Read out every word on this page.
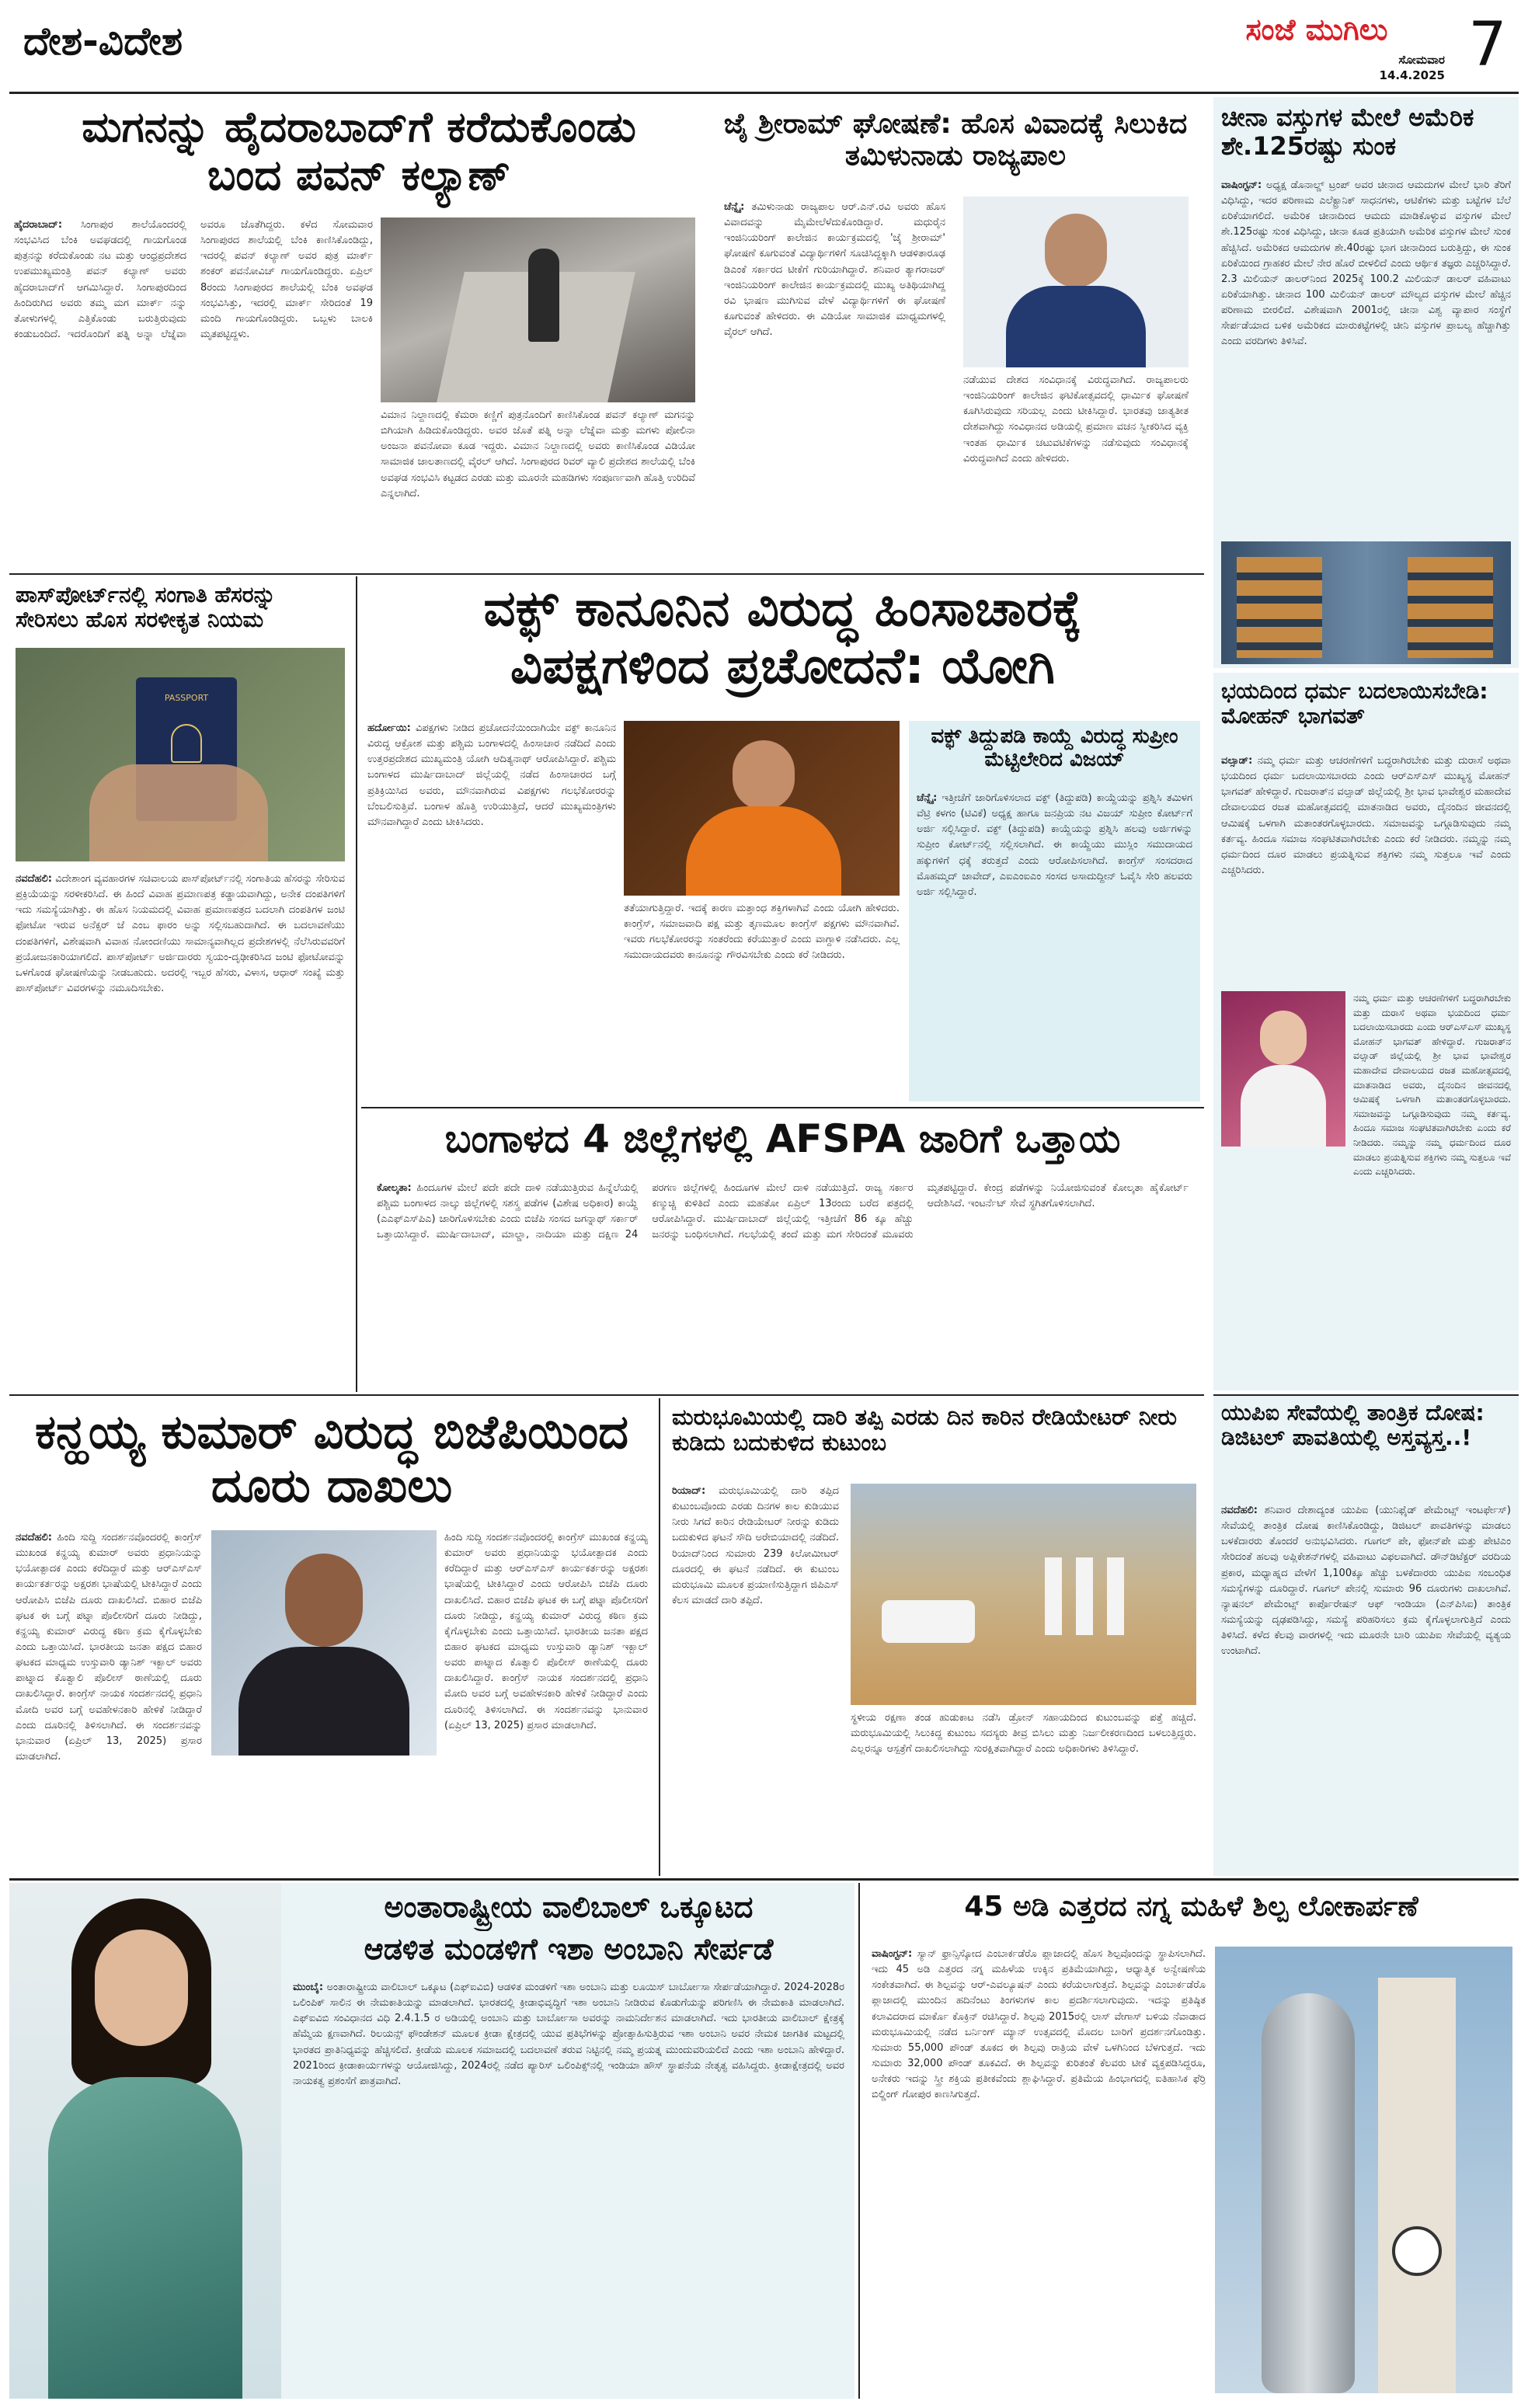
ದೇಶ-ವಿದೇಶ	ಸಂಜೆ ಮುಗಿಲು
ಸೋಮವಾರ
14.4.2025 7
ಮಗನನ್ನು ಹೈದರಾಬಾದ್‌ಗೆ ಕರೆದುಕೊಂಡು ಬಂದ ಪವನ್ ಕಲ್ಯಾಣ್
ಹೈದರಾಬಾದ್: ಸಿಂಗಾಪುರ ಶಾಲೆಯೊಂದರಲ್ಲಿ ಸಂಭವಿಸಿದ ಬೆಂಕಿ ಅವಘಡದಲ್ಲಿ ಗಾಯಗೊಂಡ ಪುತ್ರನನ್ನು ಕರೆದುಕೊಂಡು ನಟ ಮತ್ತು ಆಂಧ್ರಪ್ರದೇಶದ ಉಪಮುಖ್ಯಮಂತ್ರಿ ಪವನ್ ಕಲ್ಯಾಣ್ ಅವರು ಹೈದರಾಬಾದ್‌ಗೆ ಆಗಮಿಸಿದ್ದಾರೆ. ಸಿಂಗಾಪುರದಿಂದ ಹಿಂದಿರುಗಿದ ಅವರು ತಮ್ಮ ಮಗ ಮಾರ್ಕ್ ನನ್ನು ತೋಳುಗಳಲ್ಲಿ ಎತ್ತಿಕೊಂಡು ಬರುತ್ತಿರುವುದು ಕಂಡುಬಂದಿದೆ. ಇದರೊಂದಿಗೆ ಪತ್ನಿ ಅನ್ನಾ ಲೆಜ್ನೆವಾ ಅವರೂ ಜೊತೆಗಿದ್ದರು. ಕಳೆದ ಸೋಮವಾರ ಸಿಂಗಾಪುರದ ಶಾಲೆಯಲ್ಲಿ ಬೆಂಕಿ ಕಾಣಿಸಿಕೊಂಡಿದ್ದು, ಇದರಲ್ಲಿ ಪವನ್ ಕಲ್ಯಾಣ್ ಅವರ ಪುತ್ರ ಮಾರ್ಕ್ ಶಂಕರ್ ಪವನೋವಿಚ್ ಗಾಯಗೊಂಡಿದ್ದರು. ಏಪ್ರಿಲ್ 8ರಂದು ಸಿಂಗಾಪುರದ ಶಾಲೆಯಲ್ಲಿ ಬೆಂಕಿ ಅವಘಡ ಸಂಭವಿಸಿತ್ತು, ಇದರಲ್ಲಿ ಮಾರ್ಕ್ ಸೇರಿದಂತೆ 19 ಮಂದಿ ಗಾಯಗೊಂಡಿದ್ದರು. ಒಬ್ಬಳು ಬಾಲಕಿ ಮೃತಪಟ್ಟಿದ್ದಳು.
ವಿಮಾನ ನಿಲ್ದಾಣದಲ್ಲಿ ಕೆಮರಾ ಕಣ್ಣಿಗೆ ಪುತ್ರನೊಂದಿಗೆ ಕಾಣಿಸಿಕೊಂಡ ಪವನ್ ಕಲ್ಯಾಣ್ ಮಗನನ್ನು ಬಿಗಿಯಾಗಿ ಹಿಡಿದುಕೊಂಡಿದ್ದರು. ಅವರ ಜೊತೆ ಪತ್ನಿ ಅನ್ನಾ ಲೆಜ್ನೆವಾ ಮತ್ತು ಮಗಳು ಪೋಲಿನಾ ಅಂಜನಾ ಪವನೋವಾ ಕೂಡ ಇದ್ದರು. ವಿಮಾನ ನಿಲ್ದಾಣದಲ್ಲಿ ಅವರು ಕಾಣಿಸಿಕೊಂಡ ವಿಡಿಯೋ ಸಾಮಾಜಿಕ ಜಾಲತಾಣದಲ್ಲಿ ವೈರಲ್ ಆಗಿದೆ. ಸಿಂಗಾಪುರದ ರಿವರ್ ವ್ಯಾಲಿ ಪ್ರದೇಶದ ಶಾಲೆಯಲ್ಲಿ ಬೆಂಕಿ ಅವಘಡ ಸಂಭವಿಸಿ ಕಟ್ಟಡದ ಎರಡು ಮತ್ತು ಮೂರನೇ ಮಹಡಿಗಳು ಸಂಪೂರ್ಣವಾಗಿ ಹೊತ್ತಿ ಉರಿದಿವೆ ಎನ್ನಲಾಗಿದೆ.
ಜೈ ಶ್ರೀರಾಮ್ ಘೋಷಣೆ: ಹೊಸ ವಿವಾದಕ್ಕೆ ಸಿಲುಕಿದ ತಮಿಳುನಾಡು ರಾಜ್ಯಪಾಲ
ಚೆನ್ನೈ: ತಮಿಳುನಾಡು ರಾಜ್ಯಪಾಲ ಆರ್.ಎನ್.ರವಿ ಅವರು ಹೊಸ ವಿವಾದವನ್ನು ಮೈಮೇಲೆಳೆದುಕೊಂಡಿದ್ದಾರೆ. ಮಧುರೈನ ಇಂಜಿನಿಯರಿಂಗ್ ಕಾಲೇಜಿನ ಕಾರ್ಯಕ್ರಮದಲ್ಲಿ 'ಜೈ ಶ್ರೀರಾಮ್' ಘೋಷಣೆ ಕೂಗುವಂತೆ ವಿದ್ಯಾರ್ಥಿಗಳಿಗೆ ಸೂಚಿಸಿದ್ದಕ್ಕಾಗಿ ಆಡಳಿತಾರೂಢ ಡಿಎಂಕೆ ಸರ್ಕಾರದ ಟೀಕೆಗೆ ಗುರಿಯಾಗಿದ್ದಾರೆ. ಶನಿವಾರ ತ್ಯಾಗರಾಜರ್ ಇಂಜಿನಿಯರಿಂಗ್ ಕಾಲೇಜಿನ ಕಾರ್ಯಕ್ರಮದಲ್ಲಿ ಮುಖ್ಯ ಅತಿಥಿಯಾಗಿದ್ದ ರವಿ ಭಾಷಣ ಮುಗಿಸುವ ವೇಳೆ ವಿದ್ಯಾರ್ಥಿಗಳಿಗೆ ಈ ಘೋಷಣೆ ಕೂಗುವಂತೆ ಹೇಳಿದರು. ಈ ವಿಡಿಯೋ ಸಾಮಾಜಿಕ ಮಾಧ್ಯಮಗಳಲ್ಲಿ ವೈರಲ್ ಆಗಿದೆ.
ನಡೆಯುವ ದೇಶದ ಸಂವಿಧಾನಕ್ಕೆ ವಿರುದ್ಧವಾಗಿದೆ. ರಾಜ್ಯಪಾಲರು ಇಂಜಿನಿಯರಿಂಗ್ ಕಾಲೇಜಿನ ಘಟಿಕೋತ್ಸವದಲ್ಲಿ ಧಾರ್ಮಿಕ ಘೋಷಣೆ ಕೂಗಿಸಿರುವುದು ಸರಿಯಲ್ಲ ಎಂದು ಟೀಕಿಸಿದ್ದಾರೆ. ಭಾರತವು ಜಾತ್ಯತೀತ ದೇಶವಾಗಿದ್ದು ಸಂವಿಧಾನದ ಅಡಿಯಲ್ಲಿ ಪ್ರಮಾಣ ವಚನ ಸ್ವೀಕರಿಸಿದ ವ್ಯಕ್ತಿ ಇಂತಹ ಧಾರ್ಮಿಕ ಚಟುವಟಿಕೆಗಳನ್ನು ನಡೆಸುವುದು ಸಂವಿಧಾನಕ್ಕೆ ವಿರುದ್ಧವಾಗಿದೆ ಎಂದು ಹೇಳಿದರು.
ಚೀನಾ ವಸ್ತುಗಳ ಮೇಲೆ ಅಮೆರಿಕ ಶೇ.125ರಷ್ಟು ಸುಂಕ
ವಾಷಿಂಗ್ಟನ್: ಅಧ್ಯಕ್ಷ ಡೊನಾಲ್ಡ್ ಟ್ರಂಪ್ ಅವರ ಚೀನಾದ ಆಮದುಗಳ ಮೇಲೆ ಭಾರಿ ತೆರಿಗೆ ವಿಧಿಸಿದ್ದು, ಇದರ ಪರಿಣಾಮ ಎಲೆಕ್ಟ್ರಾನಿಕ್ ಸಾಧನಗಳು, ಆಟಿಕೆಗಳು ಮತ್ತು ಬಟ್ಟೆಗಳ ಬೆಲೆ ಏರಿಕೆಯಾಗಲಿದೆ. ಅಮೆರಿಕ ಚೀನಾದಿಂದ ಆಮದು ಮಾಡಿಕೊಳ್ಳುವ ವಸ್ತುಗಳ ಮೇಲೆ ಶೇ.125ರಷ್ಟು ಸುಂಕ ವಿಧಿಸಿದ್ದು, ಚೀನಾ ಕೂಡ ಪ್ರತಿಯಾಗಿ ಅಮೆರಿಕ ವಸ್ತುಗಳ ಮೇಲೆ ಸುಂಕ ಹೆಚ್ಚಿಸಿದೆ. ಅಮೆರಿಕದ ಆಮದುಗಳ ಶೇ.40ರಷ್ಟು ಭಾಗ ಚೀನಾದಿಂದ ಬರುತ್ತಿದ್ದು, ಈ ಸುಂಕ ಏರಿಕೆಯಿಂದ ಗ್ರಾಹಕರ ಮೇಲೆ ನೇರ ಹೊರೆ ಬೀಳಲಿದೆ ಎಂದು ಆರ್ಥಿಕ ತಜ್ಞರು ಎಚ್ಚರಿಸಿದ್ದಾರೆ. 2.3 ಮಿಲಿಯನ್ ಡಾಲರ್‌ನಿಂದ 2025ಕ್ಕೆ 100.2 ಮಿಲಿಯನ್ ಡಾಲರ್ ವಹಿವಾಟು ಏರಿಕೆಯಾಗಿತ್ತು. ಚೀನಾದ 100 ಮಿಲಿಯನ್ ಡಾಲರ್ ಮೌಲ್ಯದ ವಸ್ತುಗಳ ಮೇಲೆ ಹೆಚ್ಚಿನ ಪರಿಣಾಮ ಬೀರಲಿದೆ. ವಿಶೇಷವಾಗಿ 2001ರಲ್ಲಿ ಚೀನಾ ವಿಶ್ವ ವ್ಯಾಪಾರ ಸಂಸ್ಥೆಗೆ ಸೇರ್ಪಡೆಯಾದ ಬಳಿಕ ಅಮೆರಿಕದ ಮಾರುಕಟ್ಟೆಗಳಲ್ಲಿ ಚೀನಿ ವಸ್ತುಗಳ ಪ್ರಾಬಲ್ಯ ಹೆಚ್ಚಾಗಿತ್ತು ಎಂದು ವರದಿಗಳು ತಿಳಿಸಿವೆ.
ಪಾಸ್‌ಪೋರ್ಟ್‌ನಲ್ಲಿ ಸಂಗಾತಿ ಹೆಸರನ್ನು ಸೇರಿಸಲು ಹೊಸ ಸರಳೀಕೃತ ನಿಯಮ
PASSPORT
ನವದೆಹಲಿ: ವಿದೇಶಾಂಗ ವ್ಯವಹಾರಗಳ ಸಚಿವಾಲಯ ಪಾಸ್‌ಪೋರ್ಟ್‌ನಲ್ಲಿ ಸಂಗಾತಿಯ ಹೆಸರನ್ನು ಸೇರಿಸುವ ಪ್ರಕ್ರಿಯೆಯನ್ನು ಸರಳೀಕರಿಸಿದೆ. ಈ ಹಿಂದೆ ವಿವಾಹ ಪ್ರಮಾಣಪತ್ರ ಕಡ್ಡಾಯವಾಗಿದ್ದು, ಅನೇಕ ದಂಪತಿಗಳಿಗೆ ಇದು ಸಮಸ್ಯೆಯಾಗಿತ್ತು. ಈ ಹೊಸ ನಿಯಮದಲ್ಲಿ ವಿವಾಹ ಪ್ರಮಾಣಪತ್ರದ ಬದಲಾಗಿ ದಂಪತಿಗಳ ಜಂಟಿ ಫೋಟೋ ಇರುವ ಅನೆಕ್ಸರ್ ಜೆ ಎಂಬ ಫಾರಂ ಅನ್ನು ಸಲ್ಲಿಸಬಹುದಾಗಿದೆ. ಈ ಬದಲಾವಣೆಯು ದಂಪತಿಗಳಿಗೆ, ವಿಶೇಷವಾಗಿ ವಿವಾಹ ನೋಂದಣಿಯು ಸಾಮಾನ್ಯವಾಗಿಲ್ಲದ ಪ್ರದೇಶಗಳಲ್ಲಿ ನೆಲೆಸಿರುವವರಿಗೆ ಪ್ರಯೋಜನಕಾರಿಯಾಗಲಿದೆ. ಪಾಸ್‌ಪೋರ್ಟ್ ಅರ್ಜಿದಾರರು ಸ್ವಯಂ-ದೃಢೀಕರಿಸಿದ ಜಂಟಿ ಫೋಟೋವನ್ನು ಒಳಗೊಂಡ ಘೋಷಣೆಯನ್ನು ನೀಡಬಹುದು. ಅದರಲ್ಲಿ ಇಬ್ಬರ ಹೆಸರು, ವಿಳಾಸ, ಆಧಾರ್ ಸಂಖ್ಯೆ ಮತ್ತು ಪಾಸ್‌ಪೋರ್ಟ್ ವಿವರಗಳನ್ನು ನಮೂದಿಸಬೇಕು.
ವಕ್ಫ್ ಕಾನೂನಿನ ವಿರುದ್ಧ ಹಿಂಸಾಚಾರಕ್ಕೆ ವಿಪಕ್ಷಗಳಿಂದ ಪ್ರಚೋದನೆ: ಯೋಗಿ
ಹರ್ದೋಯಿ: ವಿಪಕ್ಷಗಳು ನೀಡಿದ ಪ್ರಚೋದನೆಯಿಂದಾಗಿಯೇ ವಕ್ಫ್ ಕಾನೂನಿನ ವಿರುದ್ಧ ಆಕ್ರೋಶ ಮತ್ತು ಪಶ್ಚಿಮ ಬಂಗಾಳದಲ್ಲಿ ಹಿಂಸಾಚಾರ ನಡೆದಿದೆ ಎಂದು ಉತ್ತರಪ್ರದೇಶದ ಮುಖ್ಯಮಂತ್ರಿ ಯೋಗಿ ಆದಿತ್ಯನಾಥ್ ಆರೋಪಿಸಿದ್ದಾರೆ. ಪಶ್ಚಿಮ ಬಂಗಾಳದ ಮುರ್ಷಿದಾಬಾದ್ ಜಿಲ್ಲೆಯಲ್ಲಿ ನಡೆದ ಹಿಂಸಾಚಾರದ ಬಗ್ಗೆ ಪ್ರತಿಕ್ರಿಯಿಸಿದ ಅವರು, ಮೌನವಾಗಿರುವ ವಿಪಕ್ಷಗಳು ಗಲಭೆಕೋರರನ್ನು ಬೆಂಬಲಿಸುತ್ತಿವೆ. ಬಂಗಾಳ ಹೊತ್ತಿ ಉರಿಯುತ್ತಿದೆ, ಆದರೆ ಮುಖ್ಯಮಂತ್ರಿಗಳು ಮೌನವಾಗಿದ್ದಾರೆ ಎಂದು ಟೀಕಿಸಿದರು.
ತತೆಯಾಗುತ್ತಿದ್ದಾರೆ. ಇದಕ್ಕೆ ಕಾರಣ ಮತ್ತಾಂಧ ಶಕ್ತಿಗಳಾಗಿವೆ ಎಂದು ಯೋಗಿ ಹೇಳಿದರು. ಕಾಂಗ್ರೆಸ್, ಸಮಾಜವಾದಿ ಪಕ್ಷ ಮತ್ತು ತೃಣಮೂಲ ಕಾಂಗ್ರೆಸ್ ಪಕ್ಷಗಳು ಮೌನವಾಗಿವೆ. ಇವರು ಗಲಭೆಕೋರರನ್ನು ಸಂತರೆಂದು ಕರೆಯುತ್ತಾರೆ ಎಂದು ವಾಗ್ದಾಳಿ ನಡೆಸಿದರು. ಎಲ್ಲ ಸಮುದಾಯದವರು ಕಾನೂನನ್ನು ಗೌರವಿಸಬೇಕು ಎಂದು ಕರೆ ನೀಡಿದರು.
ವಕ್ಫ್ ತಿದ್ದುಪಡಿ ಕಾಯ್ದೆ ವಿರುದ್ಧ ಸುಪ್ರೀಂ ಮೆಟ್ಟಿಲೇರಿದ ವಿಜಯ್
ಚೆನ್ನೈ: ಇತ್ತೀಚೆಗೆ ಜಾರಿಗೊಳಿಸಲಾದ ವಕ್ಫ್ (ತಿದ್ದುಪಡಿ) ಕಾಯ್ದೆಯನ್ನು ಪ್ರಶ್ನಿಸಿ ತಮಿಳಗ ವೆಟ್ರಿ ಕಳಗಂ (ಟಿವಿಕೆ) ಅಧ್ಯಕ್ಷ ಹಾಗೂ ಜನಪ್ರಿಯ ನಟ ವಿಜಯ್ ಸುಪ್ರೀಂ ಕೋರ್ಟ್‌ಗೆ ಅರ್ಜಿ ಸಲ್ಲಿಸಿದ್ದಾರೆ. ವಕ್ಫ್ (ತಿದ್ದುಪಡಿ) ಕಾಯ್ದೆಯನ್ನು ಪ್ರಶ್ನಿಸಿ ಹಲವು ಅರ್ಜಿಗಳನ್ನು ಸುಪ್ರೀಂ ಕೋರ್ಟ್‌ನಲ್ಲಿ ಸಲ್ಲಿಸಲಾಗಿದೆ. ಈ ಕಾಯ್ದೆಯು ಮುಸ್ಲಿಂ ಸಮುದಾಯದ ಹಕ್ಕುಗಳಿಗೆ ಧಕ್ಕೆ ತರುತ್ತದೆ ಎಂದು ಆರೋಪಿಸಲಾಗಿದೆ. ಕಾಂಗ್ರೆಸ್ ಸಂಸದರಾದ ಮೊಹಮ್ಮದ್ ಜಾವೇದ್, ಎಐಎಂಐಎಂ ಸಂಸದ ಅಸಾದುದ್ದೀನ್ ಓವೈಸಿ ಸೇರಿ ಹಲವರು ಅರ್ಜಿ ಸಲ್ಲಿಸಿದ್ದಾರೆ.
ಬಂಗಾಳದ 4 ಜಿಲ್ಲೆಗಳಲ್ಲಿ AFSPA ಜಾರಿಗೆ ಒತ್ತಾಯ
ಕೋಲ್ಕತಾ: ಹಿಂದೂಗಳ ಮೇಲೆ ಪದೇ ಪದೇ ದಾಳಿ ನಡೆಯುತ್ತಿರುವ ಹಿನ್ನೆಲೆಯಲ್ಲಿ ಪಶ್ಚಿಮ ಬಂಗಾಳದ ನಾಲ್ಕು ಜಿಲ್ಲೆಗಳಲ್ಲಿ ಸಶಸ್ತ್ರ ಪಡೆಗಳ (ವಿಶೇಷ ಅಧಿಕಾರ) ಕಾಯ್ದೆ (ಎಎಫ್‌ಎಸ್‌ಪಿಎ) ಜಾರಿಗೊಳಿಸಬೇಕು ಎಂದು ಬಿಜೆಪಿ ಸಂಸದ ಜಗನ್ನಾಥ್ ಸರ್ಕಾರ್ ಒತ್ತಾಯಿಸಿದ್ದಾರೆ. ಮುರ್ಷಿದಾಬಾದ್, ಮಾಲ್ಡಾ, ನಾದಿಯಾ ಮತ್ತು ದಕ್ಷಿಣ 24 ಪರಗಣ ಜಿಲ್ಲೆಗಳಲ್ಲಿ ಹಿಂದೂಗಳ ಮೇಲೆ ದಾಳಿ ನಡೆಯುತ್ತಿದೆ. ರಾಜ್ಯ ಸರ್ಕಾರ ಕಣ್ಮುಚ್ಚಿ ಕುಳಿತಿದೆ ಎಂದು ಮಹತೋ ಏಪ್ರಿಲ್ 13ರಂದು ಬರೆದ ಪತ್ರದಲ್ಲಿ ಆರೋಪಿಸಿದ್ದಾರೆ. ಮುರ್ಷಿದಾಬಾದ್ ಜಿಲ್ಲೆಯಲ್ಲಿ ಇತ್ತೀಚೆಗೆ 86 ಕ್ಕೂ ಹೆಚ್ಚು ಜನರನ್ನು ಬಂಧಿಸಲಾಗಿದೆ. ಗಲಭೆಯಲ್ಲಿ ತಂದೆ ಮತ್ತು ಮಗ ಸೇರಿದಂತೆ ಮೂವರು ಮೃತಪಟ್ಟಿದ್ದಾರೆ. ಕೇಂದ್ರ ಪಡೆಗಳನ್ನು ನಿಯೋಜಿಸುವಂತೆ ಕೋಲ್ಕತಾ ಹೈಕೋರ್ಟ್ ಆದೇಶಿಸಿದೆ. ಇಂಟರ್ನೆಟ್ ಸೇವೆ ಸ್ಥಗಿತಗೊಳಿಸಲಾಗಿದೆ.
ಭಯದಿಂದ ಧರ್ಮ ಬದಲಾಯಿಸಬೇಡಿ: ಮೋಹನ್ ಭಾಗವತ್
ವಲ್ಸಾಡ್: ನಮ್ಮ ಧರ್ಮ ಮತ್ತು ಆಚರಣೆಗಳಿಗೆ ಬದ್ಧರಾಗಿರಬೇಕು ಮತ್ತು ದುರಾಸೆ ಅಥವಾ ಭಯದಿಂದ ಧರ್ಮ ಬದಲಾಯಿಸಬಾರದು ಎಂದು ಆರ್‌ಎಸ್‌ಎಸ್ ಮುಖ್ಯಸ್ಥ ಮೋಹನ್ ಭಾಗವತ್ ಹೇಳಿದ್ದಾರೆ. ಗುಜರಾತ್‌ನ ವಲ್ಸಾಡ್ ಜಿಲ್ಲೆಯಲ್ಲಿ ಶ್ರೀ ಭಾವ ಭಾವೇಶ್ವರ ಮಹಾದೇವ ದೇವಾಲಯದ ರಜತ ಮಹೋತ್ಸವದಲ್ಲಿ ಮಾತನಾಡಿದ ಅವರು, ದೈನಂದಿನ ಜೀವನದಲ್ಲಿ ಆಮಿಷಕ್ಕೆ ಒಳಗಾಗಿ ಮತಾಂತರಗೊಳ್ಳಬಾರದು. ಸಮಾಜವನ್ನು ಒಗ್ಗೂಡಿಸುವುದು ನಮ್ಮ ಕರ್ತವ್ಯ. ಹಿಂದೂ ಸಮಾಜ ಸಂಘಟಿತವಾಗಿರಬೇಕು ಎಂದು ಕರೆ ನೀಡಿದರು. ನಮ್ಮನ್ನು ನಮ್ಮ ಧರ್ಮದಿಂದ ದೂರ ಮಾಡಲು ಪ್ರಯತ್ನಿಸುವ ಶಕ್ತಿಗಳು ನಮ್ಮ ಸುತ್ತಲೂ ಇವೆ ಎಂದು ಎಚ್ಚರಿಸಿದರು.
ನಮ್ಮ ಧರ್ಮ ಮತ್ತು ಆಚರಣೆಗಳಿಗೆ ಬದ್ಧರಾಗಿರಬೇಕು ಮತ್ತು ದುರಾಸೆ ಅಥವಾ ಭಯದಿಂದ ಧರ್ಮ ಬದಲಾಯಿಸಬಾರದು ಎಂದು ಆರ್‌ಎಸ್‌ಎಸ್ ಮುಖ್ಯಸ್ಥ ಮೋಹನ್ ಭಾಗವತ್ ಹೇಳಿದ್ದಾರೆ. ಗುಜರಾತ್‌ನ ವಲ್ಸಾಡ್ ಜಿಲ್ಲೆಯಲ್ಲಿ ಶ್ರೀ ಭಾವ ಭಾವೇಶ್ವರ ಮಹಾದೇವ ದೇವಾಲಯದ ರಜತ ಮಹೋತ್ಸವದಲ್ಲಿ ಮಾತನಾಡಿದ ಅವರು, ದೈನಂದಿನ ಜೀವನದಲ್ಲಿ ಆಮಿಷಕ್ಕೆ ಒಳಗಾಗಿ ಮತಾಂತರಗೊಳ್ಳಬಾರದು. ಸಮಾಜವನ್ನು ಒಗ್ಗೂಡಿಸುವುದು ನಮ್ಮ ಕರ್ತವ್ಯ. ಹಿಂದೂ ಸಮಾಜ ಸಂಘಟಿತವಾಗಿರಬೇಕು ಎಂದು ಕರೆ ನೀಡಿದರು. ನಮ್ಮನ್ನು ನಮ್ಮ ಧರ್ಮದಿಂದ ದೂರ ಮಾಡಲು ಪ್ರಯತ್ನಿಸುವ ಶಕ್ತಿಗಳು ನಮ್ಮ ಸುತ್ತಲೂ ಇವೆ ಎಂದು ಎಚ್ಚರಿಸಿದರು.
ಕನ್ಹಯ್ಯ ಕುಮಾರ್ ವಿರುದ್ಧ ಬಿಜೆಪಿಯಿಂದ ದೂರು ದಾಖಲು
ನವದೆಹಲಿ: ಹಿಂದಿ ಸುದ್ದಿ ಸಂದರ್ಶನವೊಂದರಲ್ಲಿ ಕಾಂಗ್ರೆಸ್ ಮುಖಂಡ ಕನ್ಹಯ್ಯ ಕುಮಾರ್ ಅವರು ಪ್ರಧಾನಿಯನ್ನು ಭಯೋತ್ಪಾದಕ ಎಂದು ಕರೆದಿದ್ದಾರೆ ಮತ್ತು ಆರ್‌ಎಸ್‌ಎಸ್ ಕಾರ್ಯಕರ್ತರನ್ನು ಅಕ್ಷರಶಃ ಭಾಷೆಯಲ್ಲಿ ಟೀಕಿಸಿದ್ದಾರೆ ಎಂದು ಆರೋಪಿಸಿ ಬಿಜೆಪಿ ದೂರು ದಾಖಲಿಸಿದೆ. ಬಿಹಾರ ಬಿಜೆಪಿ ಘಟಕ ಈ ಬಗ್ಗೆ ಪಟ್ನಾ ಪೊಲೀಸರಿಗೆ ದೂರು ನೀಡಿದ್ದು, ಕನ್ಹಯ್ಯ ಕುಮಾರ್ ವಿರುದ್ಧ ಕಠಿಣ ಕ್ರಮ ಕೈಗೊಳ್ಳಬೇಕು ಎಂದು ಒತ್ತಾಯಿಸಿದೆ. ಭಾರತೀಯ ಜನತಾ ಪಕ್ಷದ ಬಿಹಾರ ಘಟಕದ ಮಾಧ್ಯಮ ಉಸ್ತುವಾರಿ ಡ್ಯಾನಿಶ್ ಇಕ್ಬಾಲ್ ಅವರು ಪಾಟ್ನಾದ ಕೊತ್ವಾಲಿ ಪೊಲೀಸ್ ಠಾಣೆಯಲ್ಲಿ ದೂರು ದಾಖಲಿಸಿದ್ದಾರೆ. ಕಾಂಗ್ರೆಸ್ ನಾಯಕ ಸಂದರ್ಶನದಲ್ಲಿ ಪ್ರಧಾನಿ ಮೋದಿ ಅವರ ಬಗ್ಗೆ ಅವಹೇಳನಕಾರಿ ಹೇಳಿಕೆ ನೀಡಿದ್ದಾರೆ ಎಂದು ದೂರಿನಲ್ಲಿ ತಿಳಿಸಲಾಗಿದೆ. ಈ ಸಂದರ್ಶನವನ್ನು ಭಾನುವಾರ (ಏಪ್ರಿಲ್ 13, 2025) ಪ್ರಸಾರ ಮಾಡಲಾಗಿದೆ.
ಹಿಂದಿ ಸುದ್ದಿ ಸಂದರ್ಶನವೊಂದರಲ್ಲಿ ಕಾಂಗ್ರೆಸ್ ಮುಖಂಡ ಕನ್ಹಯ್ಯ ಕುಮಾರ್ ಅವರು ಪ್ರಧಾನಿಯನ್ನು ಭಯೋತ್ಪಾದಕ ಎಂದು ಕರೆದಿದ್ದಾರೆ ಮತ್ತು ಆರ್‌ಎಸ್‌ಎಸ್ ಕಾರ್ಯಕರ್ತರನ್ನು ಅಕ್ಷರಶಃ ಭಾಷೆಯಲ್ಲಿ ಟೀಕಿಸಿದ್ದಾರೆ ಎಂದು ಆರೋಪಿಸಿ ಬಿಜೆಪಿ ದೂರು ದಾಖಲಿಸಿದೆ. ಬಿಹಾರ ಬಿಜೆಪಿ ಘಟಕ ಈ ಬಗ್ಗೆ ಪಟ್ನಾ ಪೊಲೀಸರಿಗೆ ದೂರು ನೀಡಿದ್ದು, ಕನ್ಹಯ್ಯ ಕುಮಾರ್ ವಿರುದ್ಧ ಕಠಿಣ ಕ್ರಮ ಕೈಗೊಳ್ಳಬೇಕು ಎಂದು ಒತ್ತಾಯಿಸಿದೆ. ಭಾರತೀಯ ಜನತಾ ಪಕ್ಷದ ಬಿಹಾರ ಘಟಕದ ಮಾಧ್ಯಮ ಉಸ್ತುವಾರಿ ಡ್ಯಾನಿಶ್ ಇಕ್ಬಾಲ್ ಅವರು ಪಾಟ್ನಾದ ಕೊತ್ವಾಲಿ ಪೊಲೀಸ್ ಠಾಣೆಯಲ್ಲಿ ದೂರು ದಾಖಲಿಸಿದ್ದಾರೆ. ಕಾಂಗ್ರೆಸ್ ನಾಯಕ ಸಂದರ್ಶನದಲ್ಲಿ ಪ್ರಧಾನಿ ಮೋದಿ ಅವರ ಬಗ್ಗೆ ಅವಹೇಳನಕಾರಿ ಹೇಳಿಕೆ ನೀಡಿದ್ದಾರೆ ಎಂದು ದೂರಿನಲ್ಲಿ ತಿಳಿಸಲಾಗಿದೆ. ಈ ಸಂದರ್ಶನವನ್ನು ಭಾನುವಾರ (ಏಪ್ರಿಲ್ 13, 2025) ಪ್ರಸಾರ ಮಾಡಲಾಗಿದೆ.
ಮರುಭೂಮಿಯಲ್ಲಿ ದಾರಿ ತಪ್ಪಿ ಎರಡು ದಿನ ಕಾರಿನ ರೇಡಿಯೇಟರ್ ನೀರು ಕುಡಿದು ಬದುಕುಳಿದ ಕುಟುಂಬ
ರಿಯಾದ್: ಮರುಭೂಮಿಯಲ್ಲಿ ದಾರಿ ತಪ್ಪಿದ ಕುಟುಂಬವೊಂದು ಎರಡು ದಿನಗಳ ಕಾಲ ಕುಡಿಯುವ ನೀರು ಸಿಗದೆ ಕಾರಿನ ರೇಡಿಯೇಟರ್ ನೀರನ್ನು ಕುಡಿದು ಬದುಕುಳಿದ ಘಟನೆ ಸೌದಿ ಅರೇಬಿಯಾದಲ್ಲಿ ನಡೆದಿದೆ. ರಿಯಾದ್‌ನಿಂದ ಸುಮಾರು 239 ಕಿಲೋಮೀಟರ್ ದೂರದಲ್ಲಿ ಈ ಘಟನೆ ನಡೆದಿದೆ. ಈ ಕುಟುಂಬ ಮರುಭೂಮಿ ಮೂಲಕ ಪ್ರಯಾಣಿಸುತ್ತಿದ್ದಾಗ ಜಿಪಿಎಸ್ ಕೆಲಸ ಮಾಡದೆ ದಾರಿ ತಪ್ಪಿದೆ.
ಸ್ಥಳೀಯ ರಕ್ಷಣಾ ತಂಡ ಹುಡುಕಾಟ ನಡೆಸಿ ಡ್ರೋನ್ ಸಹಾಯದಿಂದ ಕುಟುಂಬವನ್ನು ಪತ್ತೆ ಹಚ್ಚಿದೆ. ಮರುಭೂಮಿಯಲ್ಲಿ ಸಿಲುಕಿದ್ದ ಕುಟುಂಬ ಸದಸ್ಯರು ತೀವ್ರ ಬಿಸಿಲು ಮತ್ತು ನಿರ್ಜಲೀಕರಣದಿಂದ ಬಳಲುತ್ತಿದ್ದರು. ಎಲ್ಲರನ್ನೂ ಆಸ್ಪತ್ರೆಗೆ ದಾಖಲಿಸಲಾಗಿದ್ದು ಸುರಕ್ಷಿತವಾಗಿದ್ದಾರೆ ಎಂದು ಅಧಿಕಾರಿಗಳು ತಿಳಿಸಿದ್ದಾರೆ.
ಯುಪಿಐ ಸೇವೆಯಲ್ಲಿ ತಾಂತ್ರಿಕ ದೋಷ: ಡಿಜಿಟಲ್ ಪಾವತಿಯಲ್ಲಿ ಅಸ್ತವ್ಯಸ್ತ..!
ನವದೆಹಲಿ: ಶನಿವಾರ ದೇಶಾದ್ಯಂತ ಯುಪಿಐ (ಯುನಿಫೈಡ್ ಪೇಮೆಂಟ್ಸ್ ಇಂಟರ್ಫೇಸ್) ಸೇವೆಯಲ್ಲಿ ತಾಂತ್ರಿಕ ದೋಷ ಕಾಣಿಸಿಕೊಂಡಿದ್ದು, ಡಿಜಿಟಲ್ ಪಾವತಿಗಳನ್ನು ಮಾಡಲು ಬಳಕೆದಾರರು ತೊಂದರೆ ಅನುಭವಿಸಿದರು. ಗೂಗಲ್ ಪೇ, ಫೋನ್‌ಪೇ ಮತ್ತು ಪೇಟಿಎಂ ಸೇರಿದಂತೆ ಹಲವು ಅಪ್ಲಿಕೇಶನ್‌ಗಳಲ್ಲಿ ವಹಿವಾಟು ವಿಫಲವಾಗಿದೆ. ಡೌನ್‌ಡಿಟೆಕ್ಟರ್ ವರದಿಯ ಪ್ರಕಾರ, ಮಧ್ಯಾಹ್ನದ ವೇಳೆಗೆ 1,100ಕ್ಕೂ ಹೆಚ್ಚು ಬಳಕೆದಾರರು ಯುಪಿಐ ಸಂಬಂಧಿತ ಸಮಸ್ಯೆಗಳನ್ನು ದೂರಿದ್ದಾರೆ. ಗೂಗಲ್ ಪೇನಲ್ಲಿ ಸುಮಾರು 96 ದೂರುಗಳು ದಾಖಲಾಗಿವೆ. ನ್ಯಾಷನಲ್ ಪೇಮೆಂಟ್ಸ್ ಕಾರ್ಪೊರೇಷನ್ ಆಫ್ ಇಂಡಿಯಾ (ಎನ್‌ಪಿಸಿಐ) ತಾಂತ್ರಿಕ ಸಮಸ್ಯೆಯನ್ನು ದೃಢಪಡಿಸಿದ್ದು, ಸಮಸ್ಯೆ ಪರಿಹರಿಸಲು ಕ್ರಮ ಕೈಗೊಳ್ಳಲಾಗುತ್ತಿದೆ ಎಂದು ತಿಳಿಸಿದೆ. ಕಳೆದ ಕೆಲವು ವಾರಗಳಲ್ಲಿ ಇದು ಮೂರನೇ ಬಾರಿ ಯುಪಿಐ ಸೇವೆಯಲ್ಲಿ ವ್ಯತ್ಯಯ ಉಂಟಾಗಿದೆ.
ಅಂತಾರಾಷ್ಟ್ರೀಯ ವಾಲಿಬಾಲ್ ಒಕ್ಕೂಟದ
ಆಡಳಿತ ಮಂಡಳಿಗೆ ಇಶಾ ಅಂಬಾನಿ ಸೇರ್ಪಡೆ
ಮುಂಬೈ: ಅಂತಾರಾಷ್ಟ್ರೀಯ ವಾಲಿಬಾಲ್ ಒಕ್ಕೂಟ (ಎಫ್‌ಐವಿಬಿ) ಆಡಳಿತ ಮಂಡಳಿಗೆ ಇಶಾ ಅಂಬಾನಿ ಮತ್ತು ಲೂಯಿಸ್ ಬಾರ್ಬೋಸಾ ಸೇರ್ಪಡೆಯಾಗಿದ್ದಾರೆ. 2024-2028ರ ಒಲಿಂಪಿಕ್ ಸಾಲಿನ ಈ ನೇಮಕಾತಿಯನ್ನು ಮಾಡಲಾಗಿದೆ. ಭಾರತದಲ್ಲಿ ಕ್ರೀಡಾಭಿವೃದ್ಧಿಗೆ ಇಶಾ ಅಂಬಾನಿ ನೀಡಿರುವ ಕೊಡುಗೆಯನ್ನು ಪರಿಗಣಿಸಿ ಈ ನೇಮಕಾತಿ ಮಾಡಲಾಗಿದೆ. ಎಫ್‌ಐವಿಬಿ ಸಂವಿಧಾನದ ವಿಧಿ 2.4.1.5 ರ ಅಡಿಯಲ್ಲಿ ಅಂಬಾನಿ ಮತ್ತು ಬಾರ್ಬೋಸಾ ಅವರನ್ನು ನಾಮನಿರ್ದೇಶನ ಮಾಡಲಾಗಿದೆ. ಇದು ಭಾರತೀಯ ವಾಲಿಬಾಲ್ ಕ್ಷೇತ್ರಕ್ಕೆ ಹೆಮ್ಮೆಯ ಕ್ಷಣವಾಗಿದೆ. ರಿಲಯನ್ಸ್ ಫೌಂಡೇಶನ್ ಮೂಲಕ ಕ್ರೀಡಾ ಕ್ಷೇತ್ರದಲ್ಲಿ ಯುವ ಪ್ರತಿಭೆಗಳನ್ನು ಪ್ರೋತ್ಸಾಹಿಸುತ್ತಿರುವ ಇಶಾ ಅಂಬಾನಿ ಅವರ ನೇಮಕ ಜಾಗತಿಕ ಮಟ್ಟದಲ್ಲಿ ಭಾರತದ ಪ್ರಾತಿನಿಧ್ಯವನ್ನು ಹೆಚ್ಚಿಸಲಿದೆ. ಕ್ರೀಡೆಯ ಮೂಲಕ ಸಮಾಜದಲ್ಲಿ ಬದಲಾವಣೆ ತರುವ ನಿಟ್ಟಿನಲ್ಲಿ ನಮ್ಮ ಪ್ರಯತ್ನ ಮುಂದುವರಿಯಲಿದೆ ಎಂದು ಇಶಾ ಅಂಬಾನಿ ಹೇಳಿದ್ದಾರೆ. 2021ರಿಂದ ಕ್ರೀಡಾಕಾರ್ಯಗಳನ್ನು ಆಯೋಜಿಸಿದ್ದು, 2024ರಲ್ಲಿ ನಡೆದ ಪ್ಯಾರಿಸ್ ಒಲಿಂಪಿಕ್ಸ್‌ನಲ್ಲಿ ಇಂಡಿಯಾ ಹೌಸ್ ಸ್ಥಾಪನೆಯ ನೇತೃತ್ವ ವಹಿಸಿದ್ದರು. ಕ್ರೀಡಾಕ್ಷೇತ್ರದಲ್ಲಿ ಅವರ ನಾಯಕತ್ವ ಪ್ರಶಂಸೆಗೆ ಪಾತ್ರವಾಗಿದೆ.
45 ಅಡಿ ಎತ್ತರದ ನಗ್ನ ಮಹಿಳೆ ಶಿಲ್ಪ ಲೋಕಾರ್ಪಣೆ
ವಾಷಿಂಗ್ಟನ್: ಸ್ಯಾನ್ ಫ್ರಾನ್ಸಿಸ್ಕೋದ ಎಂಬಾರ್ಕಡೆರೊ ಪ್ಲಾಜಾದಲ್ಲಿ ಹೊಸ ಶಿಲ್ಪವೊಂದನ್ನು ಸ್ಥಾಪಿಸಲಾಗಿದೆ. ಇದು 45 ಅಡಿ ಎತ್ತರದ ನಗ್ನ ಮಹಿಳೆಯ ಉಕ್ಕಿನ ಪ್ರತಿಮೆಯಾಗಿದ್ದು, ಆಧ್ಯಾತ್ಮಿಕ ಅನ್ವೇಷಣೆಯ ಸಂಕೇತವಾಗಿದೆ. ಈ ಶಿಲ್ಪವನ್ನು ಆರ್-ಎವಲ್ಯೂಷನ್ ಎಂದು ಕರೆಯಲಾಗುತ್ತದೆ. ಶಿಲ್ಪವನ್ನು ಎಂಬಾರ್ಕಡೆರೊ ಪ್ಲಾಜಾದಲ್ಲಿ ಮುಂದಿನ ಹದಿನೆಂಟು ತಿಂಗಳುಗಳ ಕಾಲ ಪ್ರದರ್ಶಿಸಲಾಗುವುದು. ಇದನ್ನು ಪ್ರತಿಷ್ಠಿತ ಕಲಾವಿದರಾದ ಮಾರ್ಕೊ ಕೊಕ್ರಿನ್ ರಚಿಸಿದ್ದಾರೆ. ಶಿಲ್ಪವು 2015ರಲ್ಲಿ ಲಾಸ್ ವೇಗಾಸ್ ಬಳಿಯ ನೆವಾಡಾದ ಮರುಭೂಮಿಯಲ್ಲಿ ನಡೆದ ಬರ್ನಿಂಗ್ ಮ್ಯಾನ್ ಉತ್ಸವದಲ್ಲಿ ಮೊದಲ ಬಾರಿಗೆ ಪ್ರದರ್ಶನಗೊಂಡಿತ್ತು. ಸುಮಾರು 55,000 ಪೌಂಡ್ ತೂಕದ ಈ ಶಿಲ್ಪವು ರಾತ್ರಿಯ ವೇಳೆ ಒಳಗಿನಿಂದ ಬೆಳಗುತ್ತದೆ. ಇದು ಸುಮಾರು 32,000 ಪೌಂಡ್ ತೂಕವಿದೆ. ಈ ಶಿಲ್ಪವನ್ನು ಕುರಿತಂತೆ ಕೆಲವರು ಟೀಕೆ ವ್ಯಕ್ತಪಡಿಸಿದ್ದರೂ, ಅನೇಕರು ಇದನ್ನು ಸ್ತ್ರೀ ಶಕ್ತಿಯ ಪ್ರತೀಕವೆಂದು ಶ್ಲಾಘಿಸಿದ್ದಾರೆ. ಪ್ರತಿಮೆಯ ಹಿಂಭಾಗದಲ್ಲಿ ಐತಿಹಾಸಿಕ ಫೆರ್ರಿ ಬಿಲ್ಡಿಂಗ್ ಗೋಪುರ ಕಾಣಸಿಗುತ್ತದೆ.
